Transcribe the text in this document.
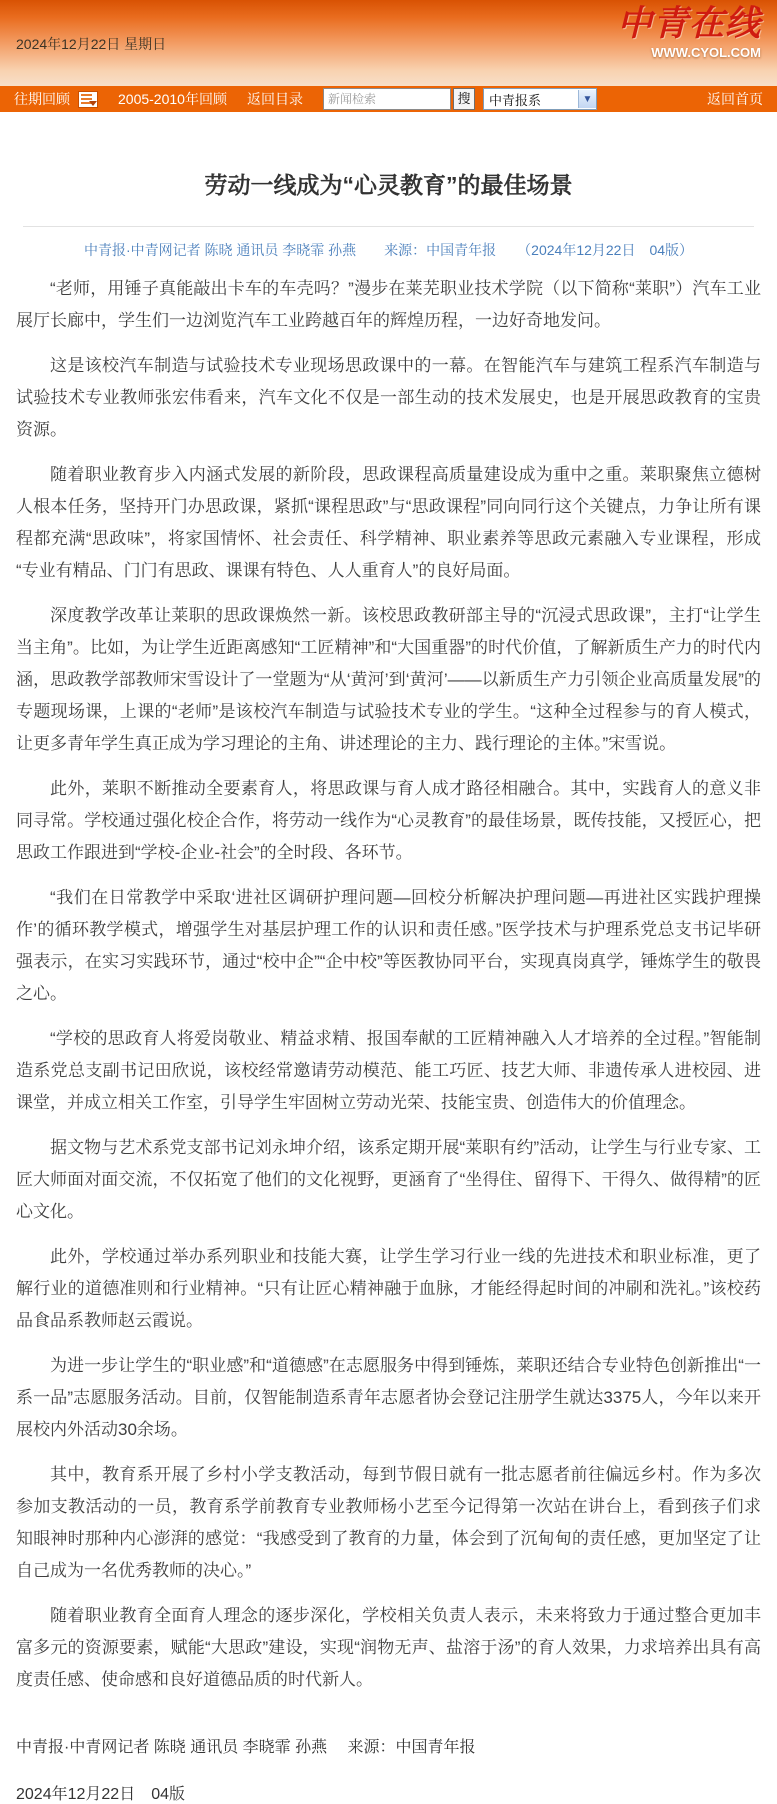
2024年12月22日 星期日	中青在线
WWW.CYOL.COM
往期回顾	2005-2010年回顾 返回目录
新闻检索	搜	中青报系	▼	返回首页
劳动一线成为“心灵教育”的最佳场景
中青报·中青网记者 陈晓 通讯员 李晓霏 孙燕　　来源：中国青年报　　（2024年12月22日　04版）

“老师，用锤子真能敲出卡车的车壳吗？”漫步在莱芜职业技术学院（以下简称“莱职”）汽车工业展厅长廊中，学生们一边浏览汽车工业跨越百年的辉煌历程，一边好奇地发问。

这是该校汽车制造与试验技术专业现场思政课中的一幕。在智能汽车与建筑工程系汽车制造与试验技术专业教师张宏伟看来，汽车文化不仅是一部生动的技术发展史，也是开展思政教育的宝贵资源。

随着职业教育步入内涵式发展的新阶段，思政课程高质量建设成为重中之重。莱职聚焦立德树人根本任务，坚持开门办思政课，紧抓“课程思政”与“思政课程”同向同行这个关键点，力争让所有课程都充满“思政味”，将家国情怀、社会责任、科学精神、职业素养等思政元素融入专业课程，形成“专业有精品、门门有思政、课课有特色、人人重育人”的良好局面。

深度教学改革让莱职的思政课焕然一新。该校思政教研部主导的“沉浸式思政课”，主打“让学生当主角”。比如，为让学生近距离感知“工匠精神”和“大国重器”的时代价值，了解新质生产力的时代内涵，思政教学部教师宋雪设计了一堂题为“从‘黄河’到‘黄河’——以新质生产力引领企业高质量发展”的专题现场课，上课的“老师”是该校汽车制造与试验技术专业的学生。“这种全过程参与的育人模式，让更多青年学生真正成为学习理论的主角、讲述理论的主力、践行理论的主体。”宋雪说。

此外，莱职不断推动全要素育人，将思政课与育人成才路径相融合。其中，实践育人的意义非同寻常。学校通过强化校企合作，将劳动一线作为“心灵教育”的最佳场景，既传技能，又授匠心，把思政工作跟进到“学校-企业-社会”的全时段、各环节。

“我们在日常教学中采取‘进社区调研护理问题—回校分析解决护理问题—再进社区实践护理操作’的循环教学模式，增强学生对基层护理工作的认识和责任感。”医学技术与护理系党总支书记毕研强表示，在实习实践环节，通过“校中企”“企中校”等医教协同平台，实现真岗真学，锤炼学生的敬畏之心。

“学校的思政育人将爱岗敬业、精益求精、报国奉献的工匠精神融入人才培养的全过程。”智能制造系党总支副书记田欣说，该校经常邀请劳动模范、能工巧匠、技艺大师、非遗传承人进校园、进课堂，并成立相关工作室，引导学生牢固树立劳动光荣、技能宝贵、创造伟大的价值理念。

据文物与艺术系党支部书记刘永坤介绍，该系定期开展“莱职有约”活动，让学生与行业专家、工匠大师面对面交流，不仅拓宽了他们的文化视野，更涵育了“坐得住、留得下、干得久、做得精”的匠心文化。

此外，学校通过举办系列职业和技能大赛，让学生学习行业一线的先进技术和职业标准，更了解行业的道德准则和行业精神。“只有让匠心精神融于血脉，才能经得起时间的冲刷和洗礼。”该校药品食品系教师赵云霞说。

为进一步让学生的“职业感”和“道德感”在志愿服务中得到锤炼，莱职还结合专业特色创新推出“一系一品”志愿服务活动。目前，仅智能制造系青年志愿者协会登记注册学生就达3375人，今年以来开展校内外活动30余场。

其中，教育系开展了乡村小学支教活动，每到节假日就有一批志愿者前往偏远乡村。作为多次参加支教活动的一员，教育系学前教育专业教师杨小艺至今记得第一次站在讲台上，看到孩子们求知眼神时那种内心澎湃的感觉：“我感受到了教育的力量，体会到了沉甸甸的责任感，更加坚定了让自己成为一名优秀教师的决心。”

随着职业教育全面育人理念的逐步深化，学校相关负责人表示，未来将致力于通过整合更加丰富多元的资源要素，赋能“大思政”建设，实现“润物无声、盐溶于汤”的育人效果，力求培养出具有高度责任感、使命感和良好道德品质的时代新人。

中青报·中青网记者 陈晓 通讯员 李晓霏 孙燕　 来源：中国青年报
2024年12月22日　04版
